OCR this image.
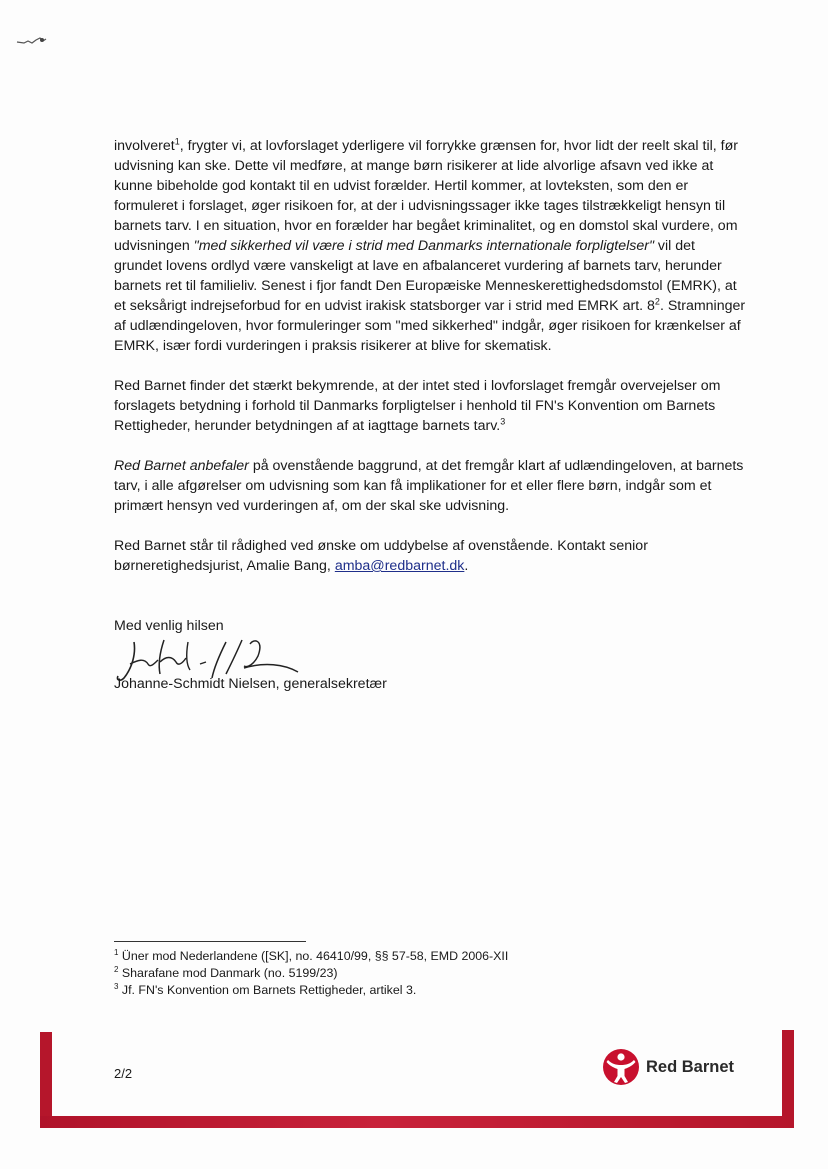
involveret$^1$, frygter vi, at lovforslaget yderligere vil forrykke grænsen for, hvor lidt der reelt skal til, før udvisning kan ske. Dette vil medføre, at mange børn risikerer at lide alvorlige afsavn ved ikke at kunne bibeholde god kontakt til en udvist forælder. Hertil kommer, at lovteksten, som den er formuleret i forslaget, øger risikoen for, at der i udvisningssager ikke tages tilstrækkeligt hensyn til barnets tarv. I en situation, hvor en forælder har begået kriminalitet, og en domstol skal vurdere, om udvisningen "med sikkerhed vil være i strid med Danmarks internationale forpligtelser" vil det grundet lovens ordlyd være vanskeligt at lave en afbalanceret vurdering af barnets tarv, herunder barnets ret til familieliv. Senest i fjor fandt Den Europæiske Menneskerettighedsdomstol (EMRK), at et seksårigt indrejseforbud for en udvist irakisk statsborger var i strid med EMRK art. $8^2$. Stramninger af udlændingeloven, hvor formuleringer som "med sikkerhed" indgår, øger risikoen for krænkelser af EMRK, især fordi vurderingen i praksis risikerer at blive for skematisk.

Red Barnet finder det stærkt bekymrende, at der intet sted i lovforslaget fremgår overvejelser om forslagets betydning i forhold til Danmarks forpligtelser i henhold til FN's Konvention om Barnets Rettigheder, herunder betydningen af at iagttage barnets tarv.$^3$

Red Barnet anbefaler på ovenstående baggrund, at det fremgår klart af udlændingeloven, at barnets tarv, i alle afgørelser om udvisning som kan få implikationer for et eller flere børn, indgår som et primært hensyn ved vurderingen af, om der skal ske udvisning.

Red Barnet står til rådighed ved ønske om uddybelse af ovenstående. Kontakt senior børneretighedsjurist, Amalie Bang, amba@redbarnet.dk.

Med venlig hilsen
Johanne-Schmidt Nielsen, generalsekretær
$^1$ Üner mod Nederlandene ([SK], no. 46410/99, §§ 57-58, EMD 2006-XII
$^2$ Sharafane mod Danmark (no. 5199/23)
$^3$ Jf. FN's Konvention om Barnets Rettigheder, artikel 3.
2/2	Red Barnet
